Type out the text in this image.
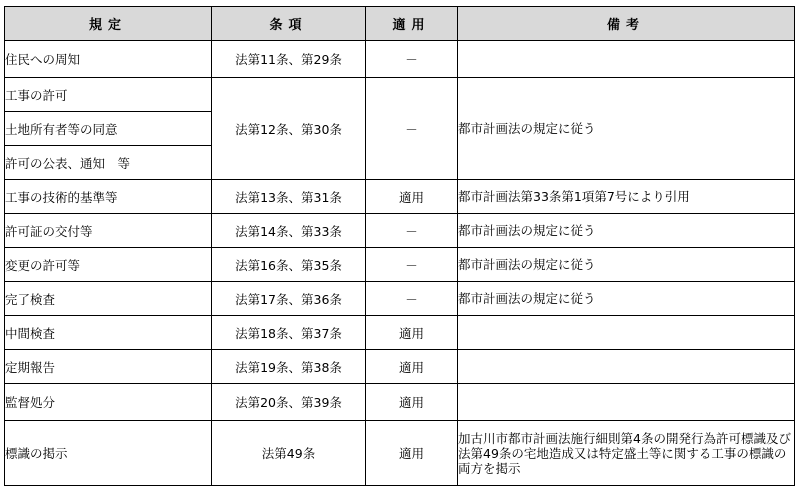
規定	条項	適用	備考
住民への周知	法第11条、第29条	－	
工事の許可	法第12条、第30条	－	都市計画法の規定に従う
土地所有者等の同意			
許可の公表、通知　等			
工事の技術的基準等	法第13条、第31条	適用	都市計画法第33条第1項第7号により引用
許可証の交付等	法第14条、第33条	－	都市計画法の規定に従う
変更の許可等	法第16条、第35条	－	都市計画法の規定に従う
完了検査	法第17条、第36条	－	都市計画法の規定に従う
中間検査	法第18条、第37条	適用	
定期報告	法第19条、第38条	適用	
監督処分	法第20条、第39条	適用	
標識の掲示	法第49条	適用	加古川市都市計画法施行細則第4条の開発行為許可標識及び法第49条の宅地造成又は特定盛土等に関する工事の標識の両方を掲示
